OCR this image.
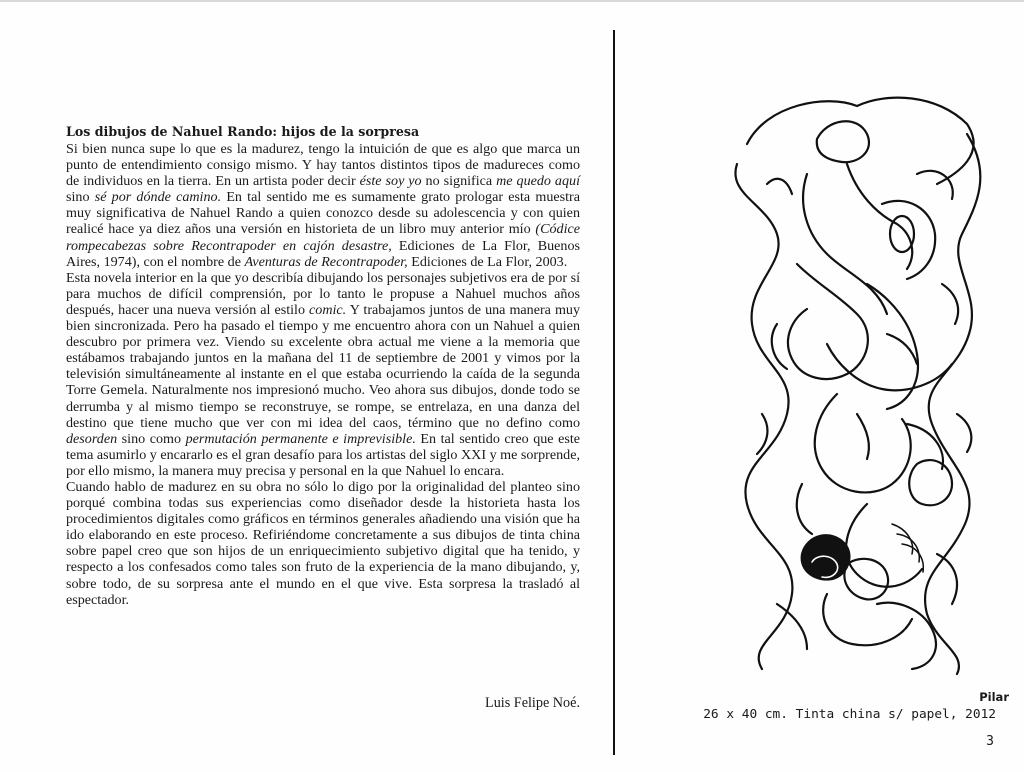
Los dibujos de Nahuel Rando: hijos de la sorpresa

Si bien nunca supe lo que es la madurez, tengo la intuición de que es algo que marca un punto de entendimiento consigo mismo. Y hay tantos distintos tipos de madureces como de individuos en la tierra. En un artista poder decir éste soy yo no significa me quedo aquí sino sé por dónde camino. En tal sentido me es sumamente grato prologar esta muestra muy significativa de Nahuel Rando a quien conozco desde su adolescencia y con quien realicé hace ya diez años una versión en historieta de un libro muy anterior mío (Códice rompecabezas sobre Recontrapoder en cajón desastre, Ediciones de La Flor, Buenos Aires, 1974), con el nombre de Aventuras de Recontrapoder, Ediciones de La Flor, 2003.

Esta novela interior en la que yo describía dibujando los personajes subjetivos era de por sí para muchos de difícil comprensión, por lo tanto le propuse a Nahuel muchos años después, hacer una nueva versión al estilo comic. Y trabajamos juntos de una manera muy bien sincronizada. Pero ha pasado el tiempo y me encuentro ahora con un Nahuel a quien descubro por primera vez. Viendo su excelente obra actual me viene a la memoria que estábamos trabajando juntos en la mañana del 11 de septiembre de 2001 y vimos por la televisión simultáneamente al instante en el que estaba ocurriendo la caída de la segunda Torre Gemela. Naturalmente nos impresionó mucho. Veo ahora sus dibujos, donde todo se derrumba y al mismo tiempo se reconstruye, se rompe, se entrelaza, en una danza del destino que tiene mucho que ver con mi idea del caos, término que no defino como desorden sino como permutación permanente e imprevisible. En tal sentido creo que este tema asumirlo y encararlo es el gran desafío para los artistas del siglo XXI y me sorprende, por ello mismo, la manera muy precisa y personal en la que Nahuel lo encara.

Cuando hablo de madurez en su obra no sólo lo digo por la originalidad del planteo sino porqué combina todas sus experiencias como diseñador desde la historieta hasta los procedimientos digitales como gráficos en términos generales añadiendo una visión que ha ido elaborando en este proceso. Refiriéndome concretamente a sus dibujos de tinta china sobre papel creo que son hijos de un enriquecimiento subjetivo digital que ha tenido, y respecto a los confesados como tales son fruto de la experiencia de la mano dibujando, y, sobre todo, de su sorpresa ante el mundo en el que vive. Esta sorpresa la trasladó al espectador.

Luis Felipe Noé.	Pilar
26 x 40 cm. Tinta china s/ papel, 2012
3
